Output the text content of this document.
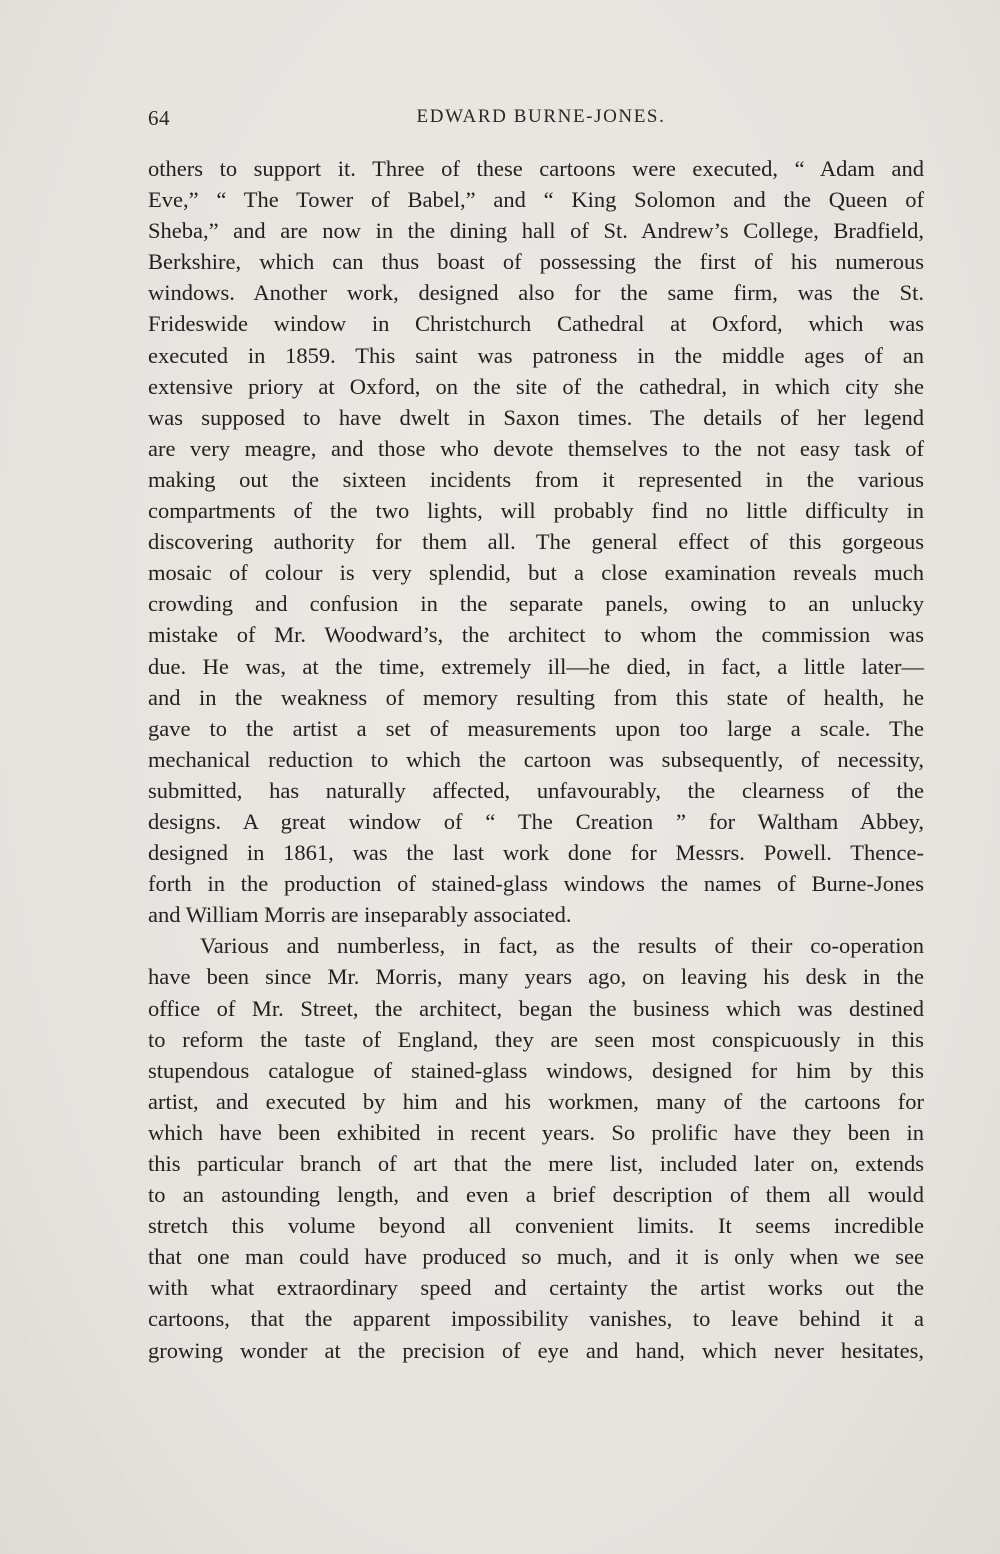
64	EDWARD BURNE-JONES.
others to support it. Three of these cartoons were executed, “ Adam and
Eve,” “ The Tower of Babel,” and “ King Solomon and the Queen of
Sheba,” and are now in the dining hall of St. Andrew’s College, Bradfield,
Berkshire, which can thus boast of possessing the first of his numerous
windows. Another work, designed also for the same firm, was the St.
Frideswide window in Christchurch Cathedral at Oxford, which was
executed in 1859. This saint was patroness in the middle ages of an
extensive priory at Oxford, on the site of the cathedral, in which city she
was supposed to have dwelt in Saxon times. The details of her legend
are very meagre, and those who devote themselves to the not easy task of
making out the sixteen incidents from it represented in the various
compartments of the two lights, will probably find no little difficulty in
discovering authority for them all. The general effect of this gorgeous
mosaic of colour is very splendid, but a close examination reveals much
crowding and confusion in the separate panels, owing to an unlucky
mistake of Mr. Woodward’s, the architect to whom the commission was
due. He was, at the time, extremely ill—he died, in fact, a little later—
and in the weakness of memory resulting from this state of health, he
gave to the artist a set of measurements upon too large a scale. The
mechanical reduction to which the cartoon was subsequently, of necessity,
submitted, has naturally affected, unfavourably, the clearness of the
designs. A great window of “ The Creation ” for Waltham Abbey,
designed in 1861, was the last work done for Messrs. Powell. Thence-
forth in the production of stained-glass windows the names of Burne-Jones
and William Morris are inseparably associated.
Various and numberless, in fact, as the results of their co-operation
have been since Mr. Morris, many years ago, on leaving his desk in the
office of Mr. Street, the architect, began the business which was destined
to reform the taste of England, they are seen most conspicuously in this
stupendous catalogue of stained-glass windows, designed for him by this
artist, and executed by him and his workmen, many of the cartoons for
which have been exhibited in recent years. So prolific have they been in
this particular branch of art that the mere list, included later on, extends
to an astounding length, and even a brief description of them all would
stretch this volume beyond all convenient limits. It seems incredible
that one man could have produced so much, and it is only when we see
with what extraordinary speed and certainty the artist works out the
cartoons, that the apparent impossibility vanishes, to leave behind it a
growing wonder at the precision of eye and hand, which never hesitates,
